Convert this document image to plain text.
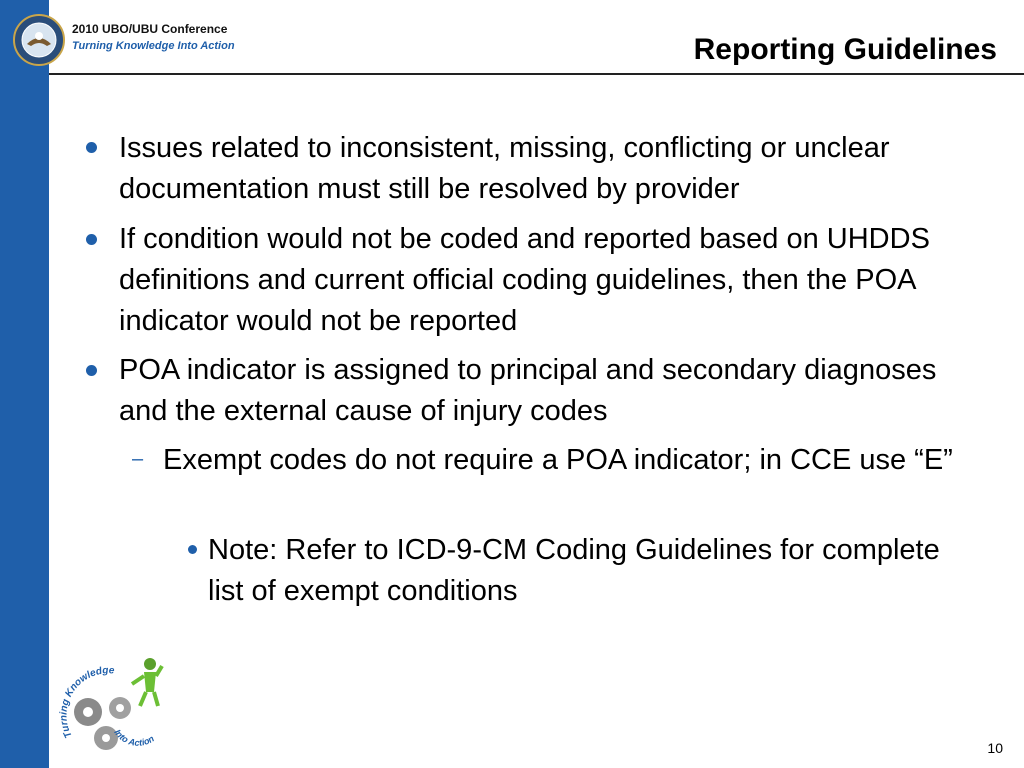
2010 UBO/UBU Conference
Turning Knowledge Into Action	Reporting Guidelines
Issues related to inconsistent, missing, conflicting or unclear documentation must still be resolved by provider
If condition would not be coded and reported based on UHDDS definitions and current official coding guidelines, then the POA indicator would not be reported
POA indicator is assigned to principal and secondary diagnoses and the external cause of injury codes
– Exempt codes do not require a POA indicator; in CCE use “E”
Note: Refer to ICD-9-CM Coding Guidelines for complete list of exempt conditions
Turning Knowledge
Into Action
10
